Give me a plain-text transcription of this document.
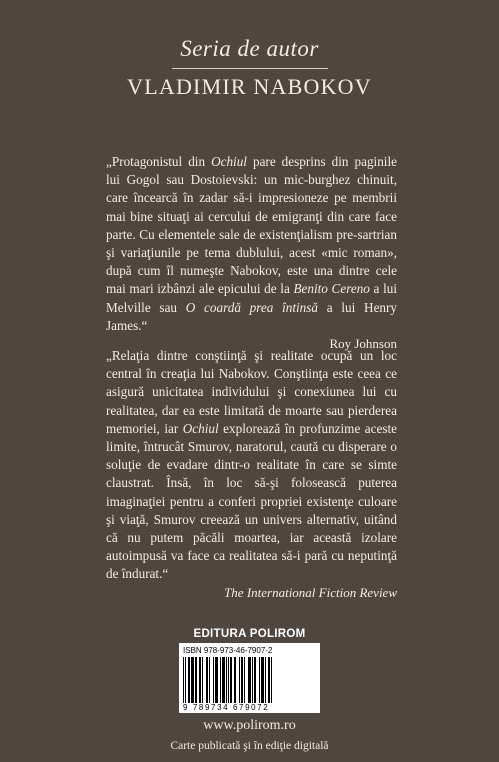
Seria de autor
VLADIMIR NABOKOV

„Protagonistul din Ochiul pare desprins din paginile lui Gogol sau Dostoievski: un mic-burghez chinuit, care încearcă în zadar să-i impresioneze pe membrii mai bine situaţi ai cercului de emigranţi din care face parte. Cu elementele sale de existenţialism pre-sartrian şi variaţiunile pe tema dublului, acest «mic roman», după cum îl numeşte Nabokov, este una dintre cele mai mari izbânzi ale epicului de la Benito Cereno a lui Melville sau O coardă prea întinsă a lui Henry James.“

Roy Johnson

„Relaţia dintre conştiinţă şi realitate ocupă un loc central în creaţia lui Nabokov. Conştiinţa este ceea ce asigură unicitatea individului şi conexiunea lui cu realitatea, dar ea este limitată de moarte sau pierderea memoriei, iar Ochiul explorează în profunzime aceste limite, întrucât Smurov, naratorul, caută cu disperare o soluţie de evadare dintr-o realitate în care se simte claustrat. Însă, în loc să-şi folosească puterea imaginaţiei pentru a conferi propriei existenţe culoare şi viaţă, Smurov creează un univers alternativ, uitând că nu putem păcăli moartea, iar această izolare autoimpusă va face ca realitatea să-i pară cu neputinţă de îndurat.“

The International Fiction Review
EDITURA POLIROM
ISBN 978-973-46-7907-2
9 789734 679072
www.polirom.ro
Carte publicată şi în ediţie digitală
